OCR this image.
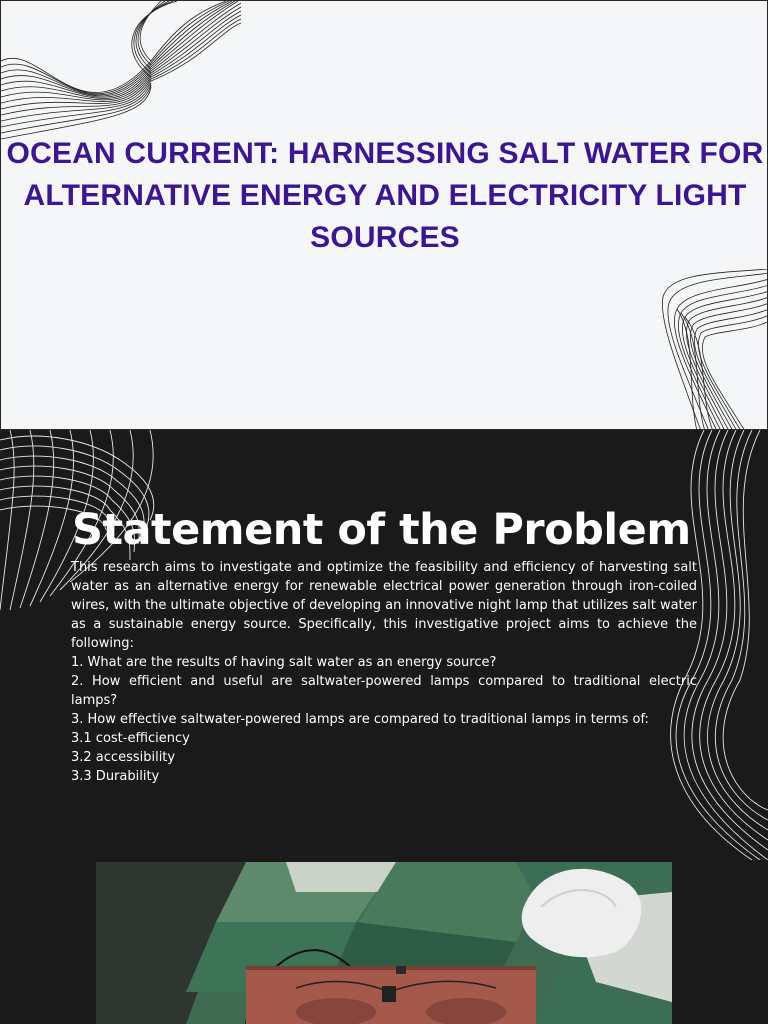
OCEAN CURRENT: HARNESSING SALT WATER FOR ALTERNATIVE ENERGY AND ELECTRICITY LIGHT SOURCES
Statement of the Problem

This research aims to investigate and optimize the feasibility and efficiency of harvesting salt water as an alternative energy for renewable electrical power generation through iron-coiled wires, with the ultimate objective of developing an innovative night lamp that utilizes salt water as a sustainable energy source. Specifically, this investigative project aims to achieve the following:

1. What are the results of having salt water as an energy source?

2. How efficient and useful are saltwater-powered lamps compared to traditional electric lamps?

3. How effective saltwater-powered lamps are compared to traditional lamps in terms of:

3.1 cost-efficiency

3.2 accessibility

3.3 Durability
